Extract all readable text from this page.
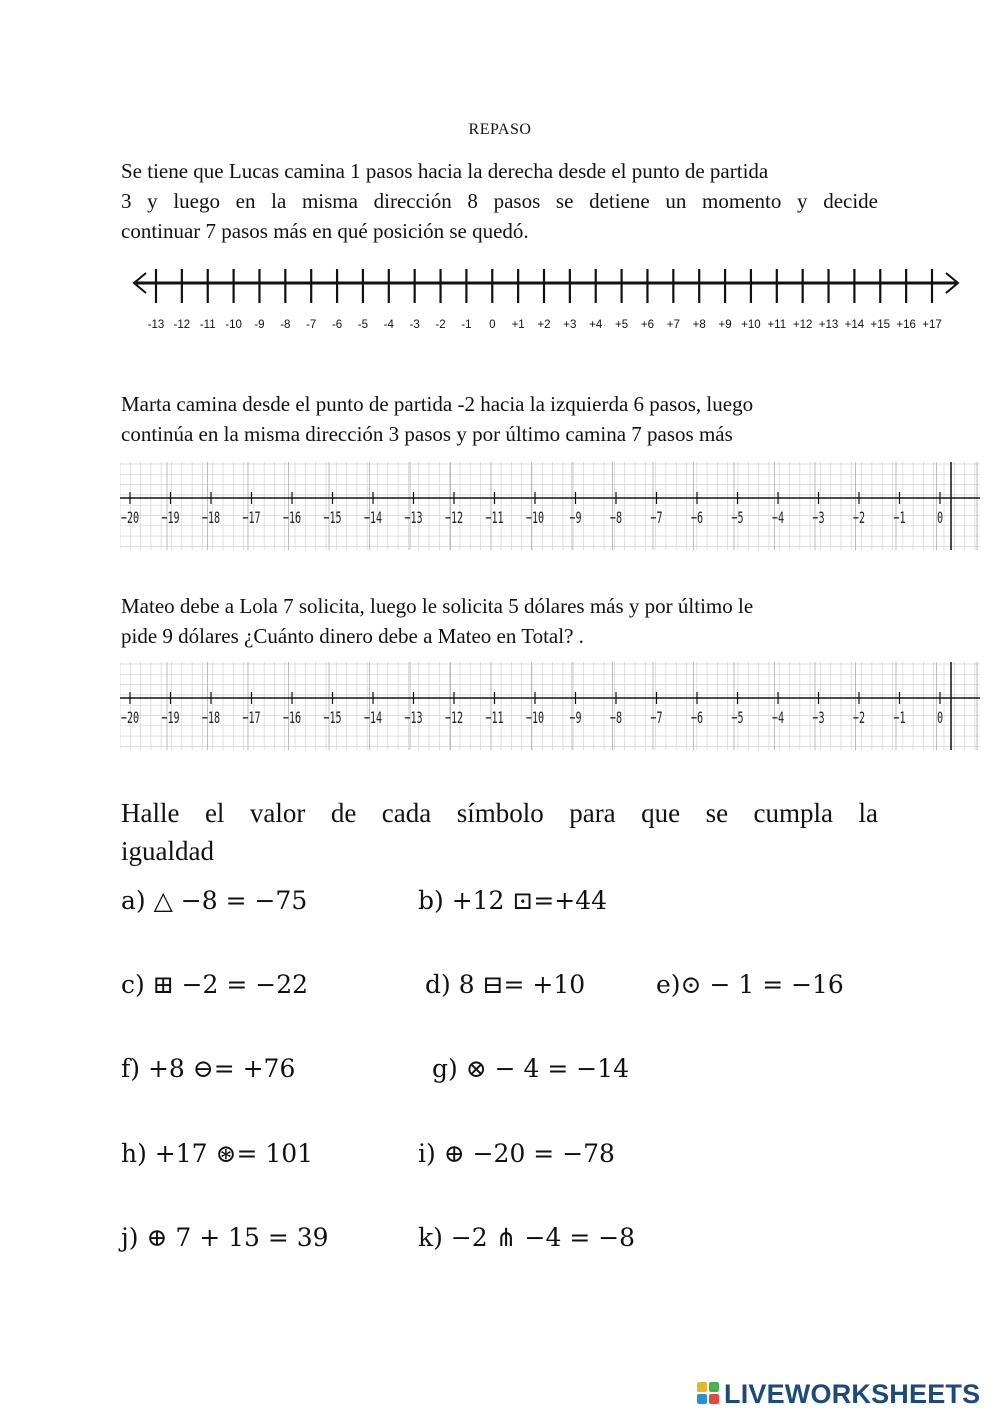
REPASO
Se tiene que Lucas camina 1 pasos hacia la derecha desde el punto de partida
3 y luego en la misma dirección 8 pasos se detiene un momento y decide
continuar 7 pasos más en qué posición se quedó.
-13 -12 -11 -10 -9 -8 -7 -6 -5 -4 -3 -2 -1 0 +1 +2 +3 +4 +5 +6 +7 +8 +9 +10 +11 +12 +13 +14 +15 +16 +17
Marta camina desde el punto de partida -2 hacia la izquierda 6 pasos, luego
continúa en la misma dirección 3 pasos y por último camina 7 pasos más
−20 −19 −18 −17 −16 −15 −14 −13 −12 −11 −10 −9 −8 −7 −6 −5 −4 −3 −2 −1 0
Mateo debe a Lola 7 solicita, luego le solicita 5 dólares más y por último le
pide 9 dólares ¿Cuánto dinero debe a Mateo en Total? .
−20 −19 −18 −17 −16 −15 −14 −13 −12 −11 −10 −9 −8 −7 −6 −5 −4 −3 −2 −1 0
Halle el valor de cada símbolo para que se cumpla la
igualdad
a) △ −8 = −75	b) +12 ⊡=+44
c) ⊞ −2 = −22	d) 8 ⊟= +10	e)⊙ − 1 = −16
f) +8 ⊖= +76	g) ⊗ − 4 = −14
h) +17 ⊛= 101	i) ⊕ −20 = −78
j) ⊕ 7 + 15 = 39	k) −2 ⋔ −4 = −8
LIVEWORKSHEETS
